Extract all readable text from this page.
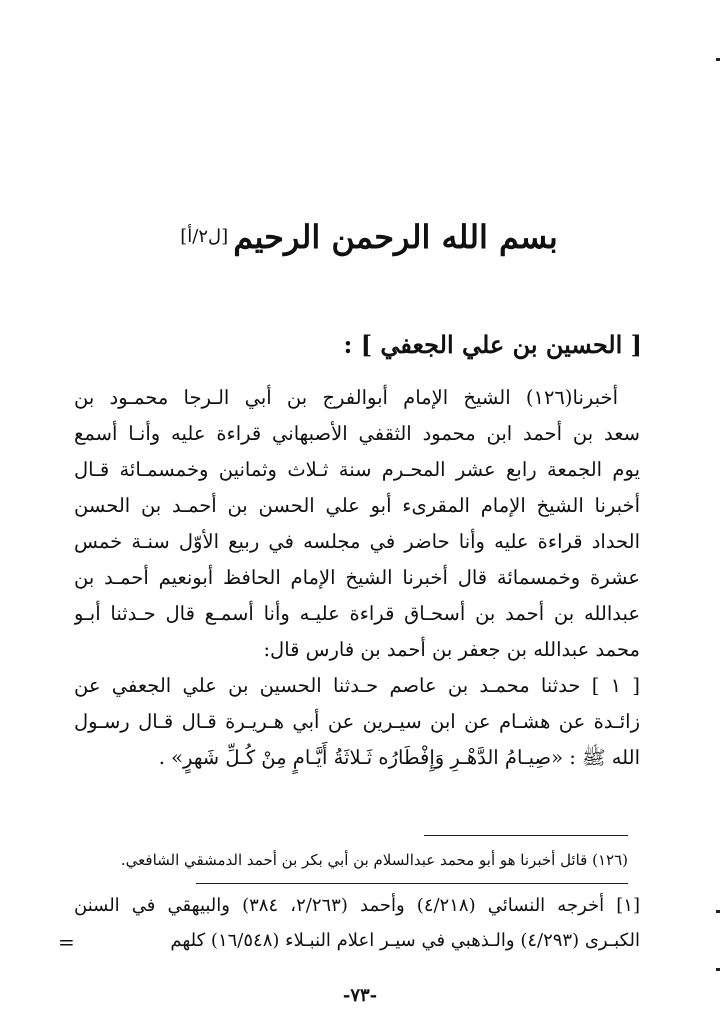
بسم الله الرحمن الرحيم [ل۲/أ]
[ الحسين بن علي الجعفي ] :
أخبرنا(١٢٦) الشيخ الإمام أبوالفرج بن أبي الـرجا محمـود بن
سعد بن أحمد ابن محمود الثقفي الأصبهاني قراءة عليه وأنـا أسمع
يوم الجمعة رابع عشر المحـرم سنة ثـلاث وثمانين وخمسمـائة قـال
أخبرنا الشيخ الإمام المقرىء أبو علي الحسن بن أحمـد بن الحسن
الحداد قراءة عليه وأنا حاضر في مجلسه في ربيع الأوّل سنـة خمس
عشرة وخمسمائة قال أخبرنا الشيخ الإمام الحافظ أبونعيم أحمـد بن
عبدالله بن أحمد بن أسحـاق قراءة عليـه وأنا أسمـع قال حـدثنا أبـو
محمد عبدالله بن جعفر بن أحمد بن فارس قال:
[ ١ ] حدثنا محمـد بن عاصم حـدثنا الحسين بن علي الجعفي عن
زائـدة عن هشـام عن ابن سيـرين عن أبي هـريـرة قـال قـال رسـول
الله ﷺ : «صِيـامُ الدَّهْـرِ وَإِفْطَارُه ثَـلاثَةُ أَيَّـامٍ مِنْ كُـلِّ شَهرٍ» .
(١٢٦) قائل أخبرنا هو أبو محمد عبدالسلام بن أبي بكر بن أحمد الدمشقي الشافعي.
[١] أخرجه النسائي (٤/٢١٨) وأحمد (٢/٢٦٣، ٣٨٤) والبيهقي في السنن
الكبـرى (٤/٢٩٣) والـذهبي في سيـر اعلام النبـلاء (١٦/٥٤٨) كلهم
=
-٧٣-
